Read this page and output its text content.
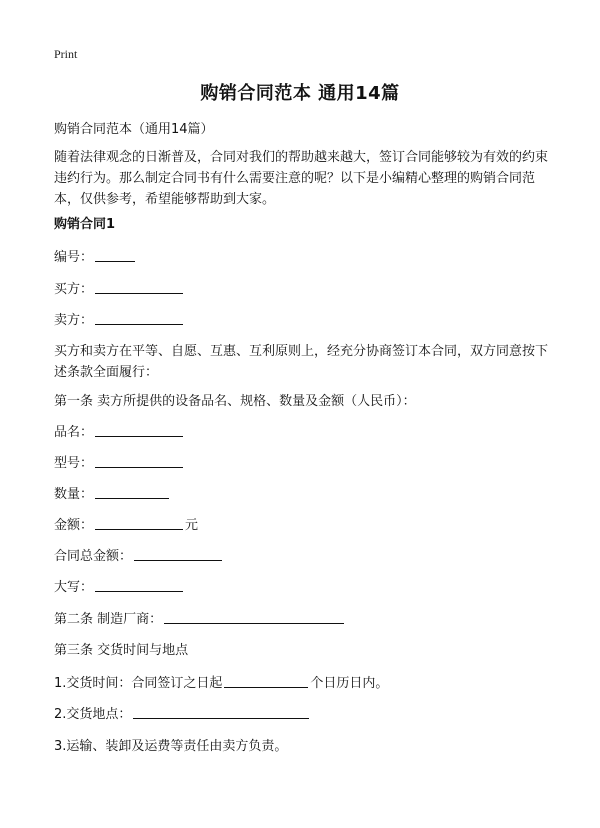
Print
购销合同范本 通用14篇
购销合同范本（通用14篇）
随着法律观念的日渐普及，合同对我们的帮助越来越大，签订合同能够较为有效的约束违约行为。那么制定合同书有什么需要注意的呢？以下是小编精心整理的购销合同范本，仅供参考，希望能够帮助到大家。
购销合同1
编号：
买方：
卖方：
买方和卖方在平等、自愿、互惠、互利原则上，经充分协商签订本合同，双方同意按下述条款全面履行：
第一条 卖方所提供的设备品名、规格、数量及金额（人民币）：
品名：
型号：
数量：
金额：	元
合同总金额：
大写：
第二条 制造厂商：
第三条 交货时间与地点
1.交货时间：合同签订之日起	个日历日内。
2.交货地点：
3.运输、装卸及运费等责任由卖方负责。
